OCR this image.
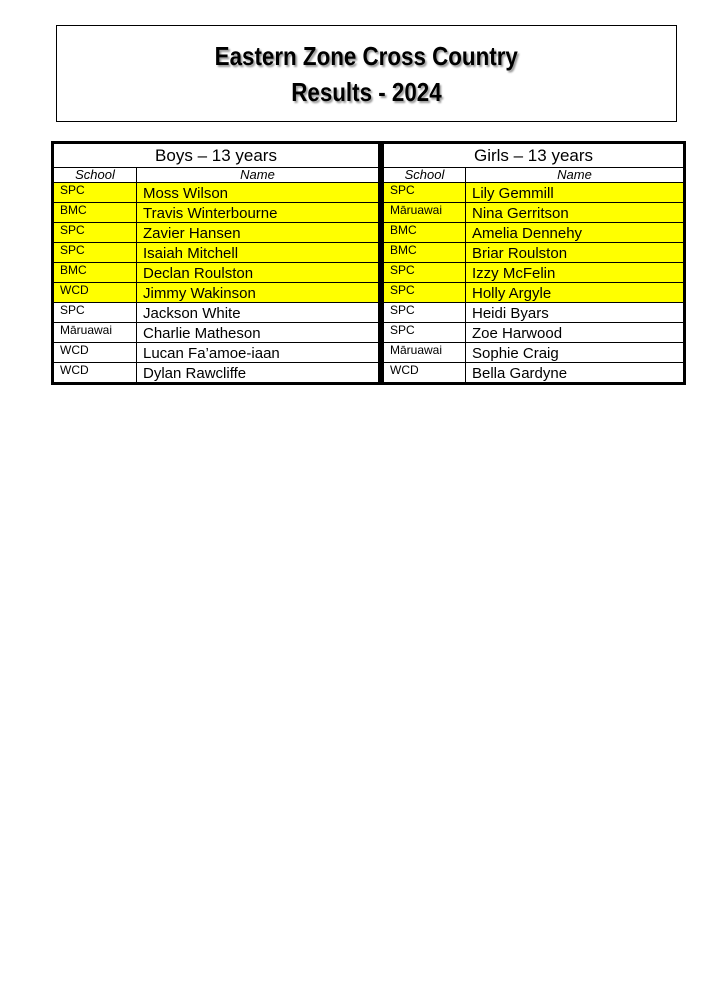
Eastern Zone Cross Country
Results - 2024
Boys – 13 years	
School	Name
SPC	Moss Wilson
BMC	Travis Winterbourne
SPC	Zavier Hansen
SPC	Isaiah Mitchell
BMC	Declan Roulston
WCD	Jimmy Wakinson
SPC	Jackson White
Māruawai	Charlie Matheson
WCD	Lucan Fa’amoe-iaan
WCD	Dylan Rawcliffe
Girls – 13 years	
School	Name
SPC	Lily Gemmill
Māruawai	Nina Gerritson
BMC	Amelia Dennehy
BMC	Briar Roulston
SPC	Izzy McFelin
SPC	Holly Argyle
SPC	Heidi Byars
SPC	Zoe Harwood
Māruawai	Sophie Craig
WCD	Bella Gardyne
